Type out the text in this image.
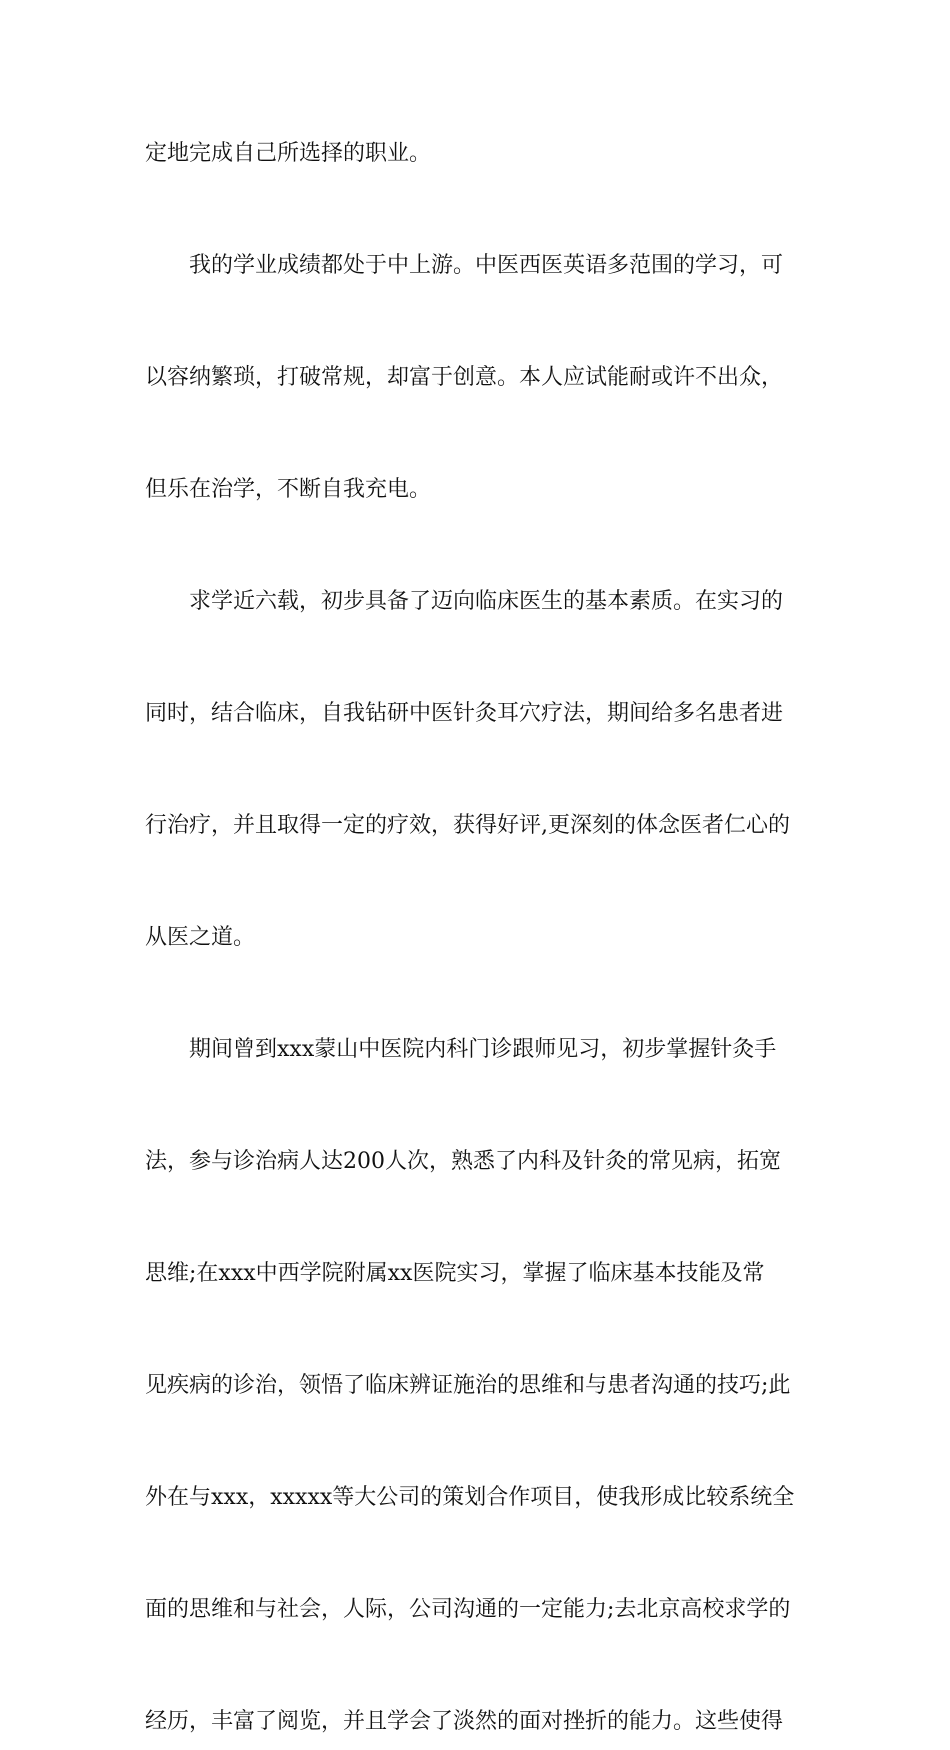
定地完成自己所选择的职业。
我的学业成绩都处于中上游。中医西医英语多范围的学习，可
以容纳繁琐，打破常规，却富于创意。本人应试能耐或许不出众，
但乐在治学，不断自我充电。
求学近六载，初步具备了迈向临床医生的基本素质。在实习的
同时，结合临床，自我钻研中医针灸耳穴疗法，期间给多名患者进
行治疗，并且取得一定的疗效，获得好评,更深刻的体念医者仁心的
从医之道。
期间曾到xxx蒙山中医院内科门诊跟师见习，初步掌握针灸手
法，参与诊治病人达200人次，熟悉了内科及针灸的常见病，拓宽
思维;在xxx中西学院附属xx医院实习，掌握了临床基本技能及常
见疾病的诊治，领悟了临床辨证施治的思维和与患者沟通的技巧;此
外在与xxx，xxxxx等大公司的策划合作项目，使我形成比较系统全
面的思维和与社会，人际，公司沟通的一定能力;去北京高校求学的
经历，丰富了阅览，并且学会了淡然的面对挫折的能力。这些使得
